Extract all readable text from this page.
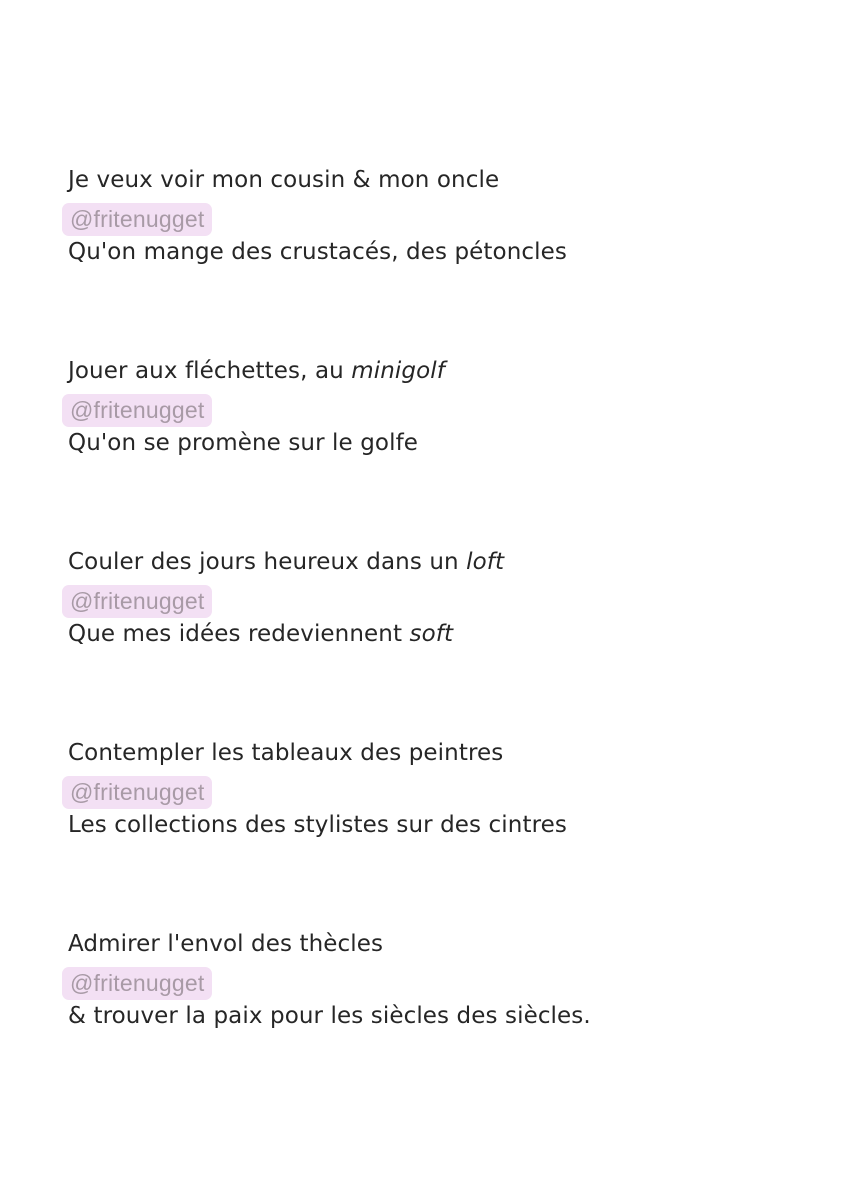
Je veux voir mon cousin & mon oncle
@fritenugget
Qu'on mange des crustacés, des pétoncles
Jouer aux fléchettes, au minigolf
@fritenugget
Qu'on se promène sur le golfe
Couler des jours heureux dans un loft
@fritenugget
Que mes idées redeviennent soft
Contempler les tableaux des peintres
@fritenugget
Les collections des stylistes sur des cintres
Admirer l'envol des thècles
@fritenugget
& trouver la paix pour les siècles des siècles.
